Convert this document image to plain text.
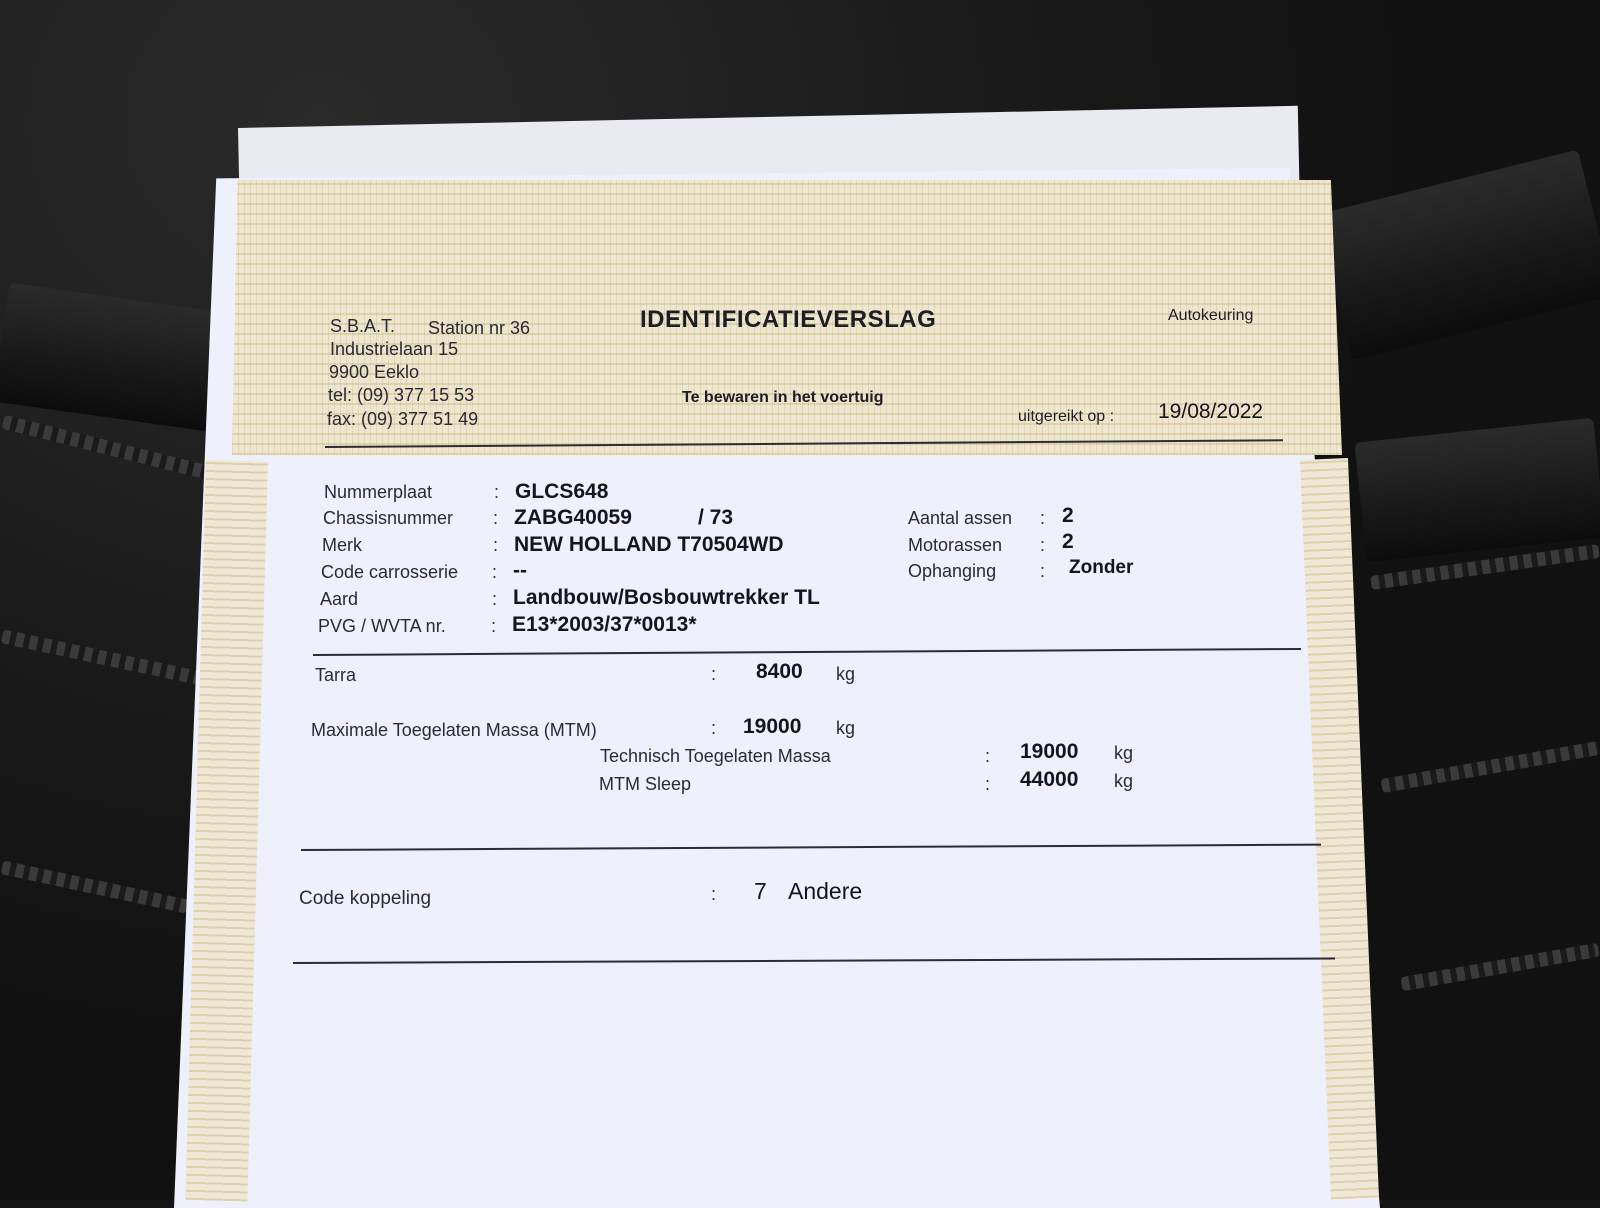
S.B.A.T. Station nr 36
Industrielaan 15
9900 Eeklo
tel: (09) 377 15 53
fax: (09) 377 51 49
IDENTIFICATIEVERSLAG	Autokeuring
Te bewaren in het voertuig
uitgereikt op : 19/08/2022
Nummerplaat	: GLCS648
Chassisnummer : ZABG40059	/ 73
Merk	: NEW HOLLAND T70504WD
Code carrosserie : --
Aard	: Landbouw/Bosbouwtrekker TL
PVG / WVTA nr.	: E13*2003/37*0013*
Aantal assen : 2
Motorassen : 2
Ophanging : Zonder
Tarra	: 8400 kg
Maximale Toegelaten Massa (MTM)	: 19000 kg
Technisch Toegelaten Massa	: 19000 kg
MTM Sleep	: 44000 kg
Code koppeling	: 7 Andere
